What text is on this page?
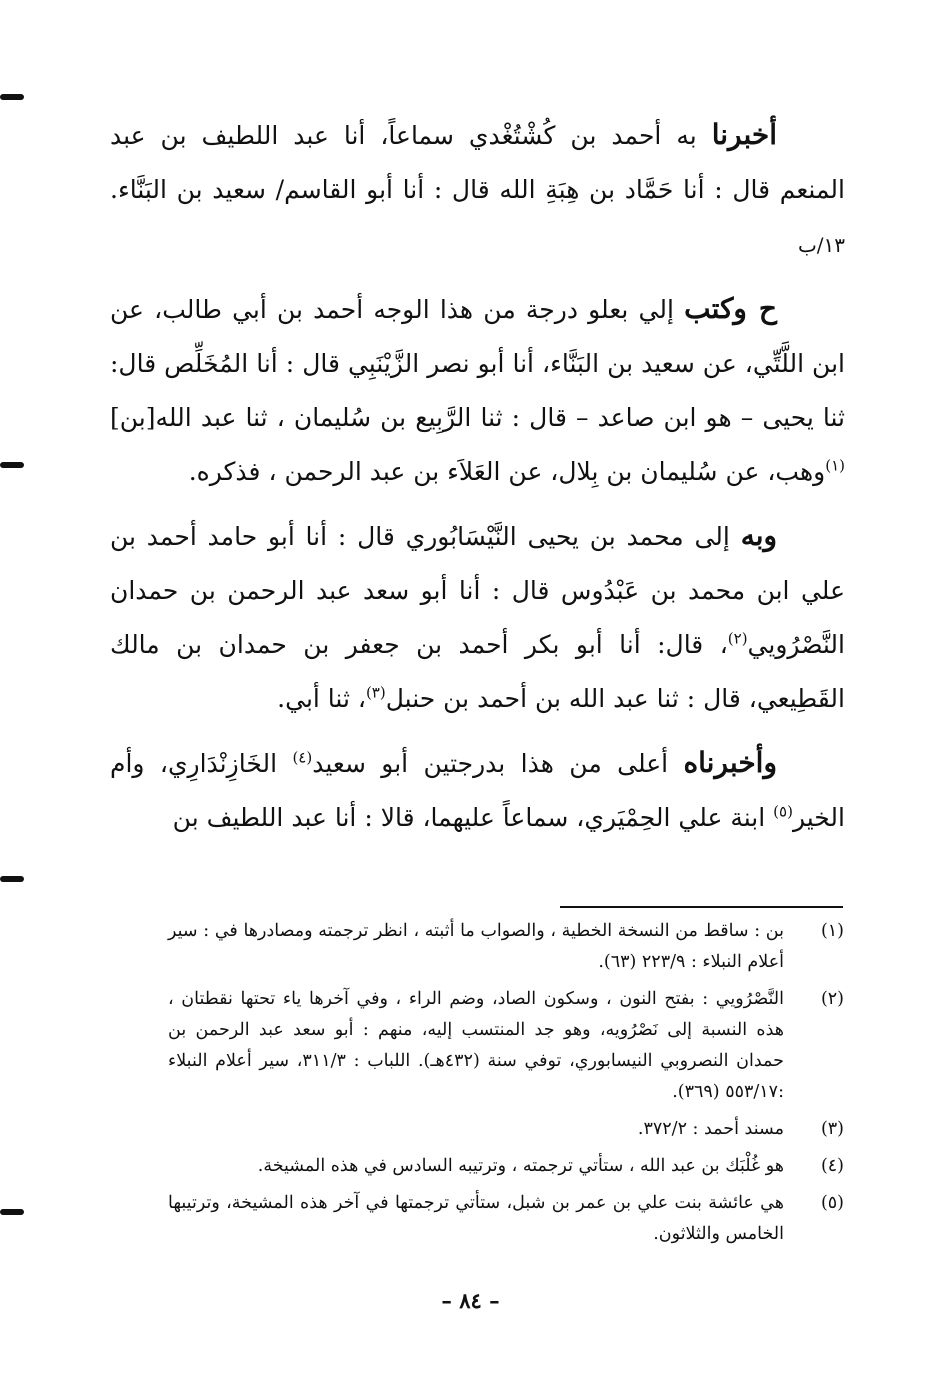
أخبرنا به أحمد بن كُشْتُغْدي سماعاً، أنا عبد اللطيف بن عبد المنعم قال : أنا حَمَّاد بن هِبَةِ الله قال : أنا أبو القاسم/ سعيد بن البَنَّاء. ١٣/ب

ح وكتب إلي بعلو درجة من هذا الوجه أحمد بن أبي طالب، عن ابن اللَّتِّي، عن سعيد بن البَنَّاء، أنا أبو نصر الزَّيْنَبِي قال : أنا المُخَلِّص قال: ثنا يحيى – هو ابن صاعد – قال : ثنا الرَّبِيع بن سُليمان ، ثنا عبد الله[بن] $^{(١)}$وهب، عن سُليمان بن بِلال، عن العَلاَء بن عبد الرحمن ، فذكره.

وبه إلى محمد بن يحيى النَّيْسَابُوري قال : أنا أبو حامد أحمد بن علي ابن محمد بن عَبْدُوس قال : أنا أبو سعد عبد الرحمن بن حمدان النَّصْرُويي$^{(٢)}$، قال: أنا أبو بكر أحمد بن جعفر بن حمدان بن مالك القَطِيعي، قال : ثنا عبد الله بن أحمد بن حنبل$^{(٣)}$، ثنا أبي.

وأخبرناه أعلى من هذا بدرجتين أبو سعيد$^{(٤)}$ الخَازِنْدَارِي، وأم الخير$^{(٥)}$ ابنة علي الحِمْيَري، سماعاً عليهما، قالا : أنا عبد اللطيف بن

(١)
بن : ساقط من النسخة الخطية ، والصواب ما أثبته ، انظر ترجمته ومصادرها في : سير أعلام النبلاء : ٢٢٣/٩ (٦٣).
(٢)
النَّصْرُويي : بفتح النون ، وسكون الصاد، وضم الراء ، وفي آخرها ياء تحتها نقطتان ، هذه النسبة إلى نَصْرُويه، وهو جد المنتسب إليه، منهم : أبو سعد عبد الرحمن بن حمدان النصروبي النيسابوري، توفي سنة (٤٣٢هـ). اللباب : ٣١١/٣، سير أعلام النبلاء :٥٥٣/١٧ (٣٦٩).
(٣)
مسند أحمد : ٣٧٢/٢.
(٤)
هو غُلْبَك بن عبد الله ، ستأتي ترجمته ، وترتيبه السادس في هذه المشيخة.
(٥)
هي عائشة بنت علي بن عمر بن شبل، ستأتي ترجمتها في آخر هذه المشيخة، وترتيبها الخامس والثلاثون.
– ٨٤ –
